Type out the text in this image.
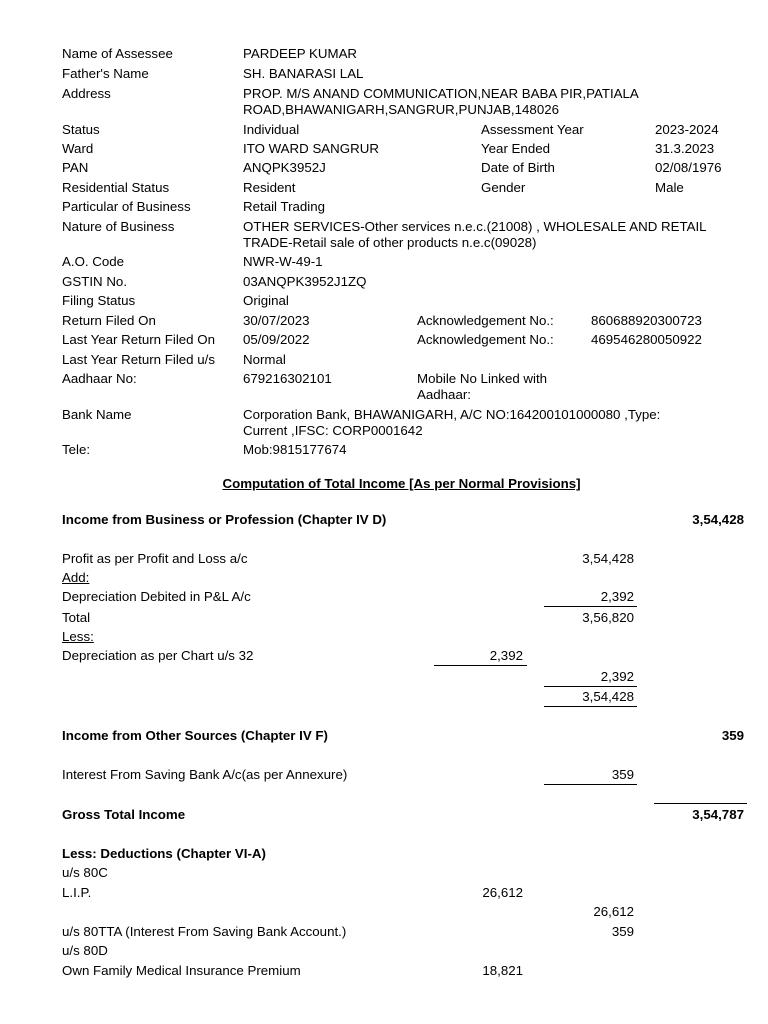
Name of Assessee	PARDEEP KUMAR
Father's Name	SH. BANARASI LAL
Address	PROP. M/S ANAND COMMUNICATION,NEAR BABA PIR,PATIALA ROAD,BHAWANIGARH,SANGRUR,PUNJAB,148026
Status	Individual	Assessment Year	2023-2024
Ward	ITO WARD SANGRUR	Year Ended	31.3.2023
PAN	ANQPK3952J	Date of Birth	02/08/1976
Residential Status	Resident	Gender	Male
Particular of Business	Retail Trading
Nature of Business	OTHER SERVICES-Other services n.e.c.(21008) , WHOLESALE AND RETAIL TRADE-Retail sale of other products n.e.c(09028)
A.O. Code	NWR-W-49-1
GSTIN No.	03ANQPK3952J1ZQ
Filing Status	Original
Return Filed On	30/07/2023	Acknowledgement No.:	860688920300723
Last Year Return Filed On 05/09/2022	Acknowledgement No.:	469546280050922
Last Year Return Filed u/s Normal
Aadhaar No:	679216302101	Mobile No Linked with Aadhaar:
Bank Name	Corporation Bank, BHAWANIGARH, A/C NO:164200101000080 ,Type: Current ,IFSC: CORP0001642
Tele:	Mob:9815177674
Computation of Total Income [As per Normal Provisions]
Income from Business or Profession (Chapter IV D)	3,54,428
Profit as per Profit and Loss a/c	3,54,428
Add:
Depreciation Debited in P&L A/c	2,392
Total	3,56,820
Less:
Depreciation as per Chart u/s 32	2,392
2,392
3,54,428
Income from Other Sources (Chapter IV F)	359
Interest From Saving Bank A/c(as per Annexure)	359
Gross Total Income	3,54,787
Less: Deductions (Chapter VI-A)
u/s 80C
L.I.P.	26,612
26,612
u/s 80TTA (Interest From Saving Bank Account.)	359
u/s 80D
Own Family Medical Insurance Premium	18,821
